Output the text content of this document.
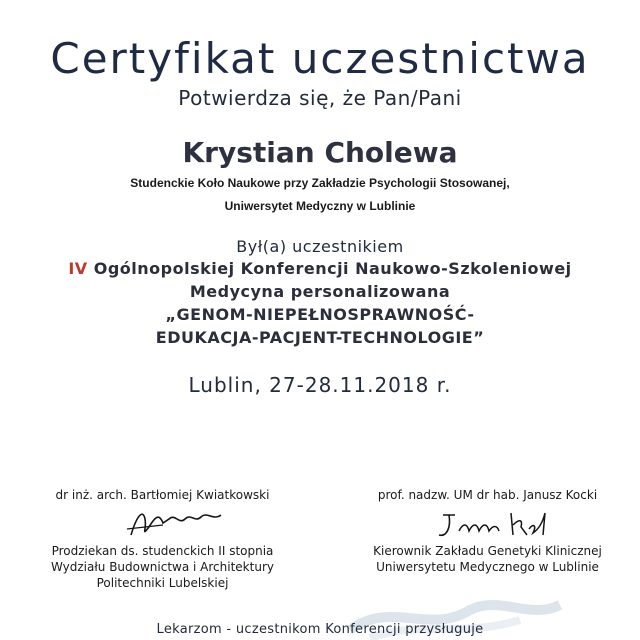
Certyfikat uczestnictwa
Potwierdza się, że Pan/Pani
Krystian Cholewa
Studenckie Koło Naukowe przy Zakładzie Psychologii Stosowanej,
Uniwersytet Medyczny w Lublinie
Był(a) uczestnikiem
IV Ogólnopolskiej Konferencji Naukowo-Szkoleniowej
Medycyna personalizowana
„GENOM-NIEPEŁNOSPRAWNOŚĆ-
EDUKACJA-PACJENT-TECHNOLOGIE”
Lublin, 27-28.11.2018 r.
dr inż. arch. Bartłomiej Kwiatkowski
Prodziekan ds. studenckich II stopnia
Wydziału Budownictwa i Architektury
Politechniki Lubelskiej
prof. nadzw. UM dr hab. Janusz Kocki
Kierownik Zakładu Genetyki Klinicznej
Uniwersytetu Medycznego w Lublinie
Lekarzom - uczestnikom Konferencji przysługuje
